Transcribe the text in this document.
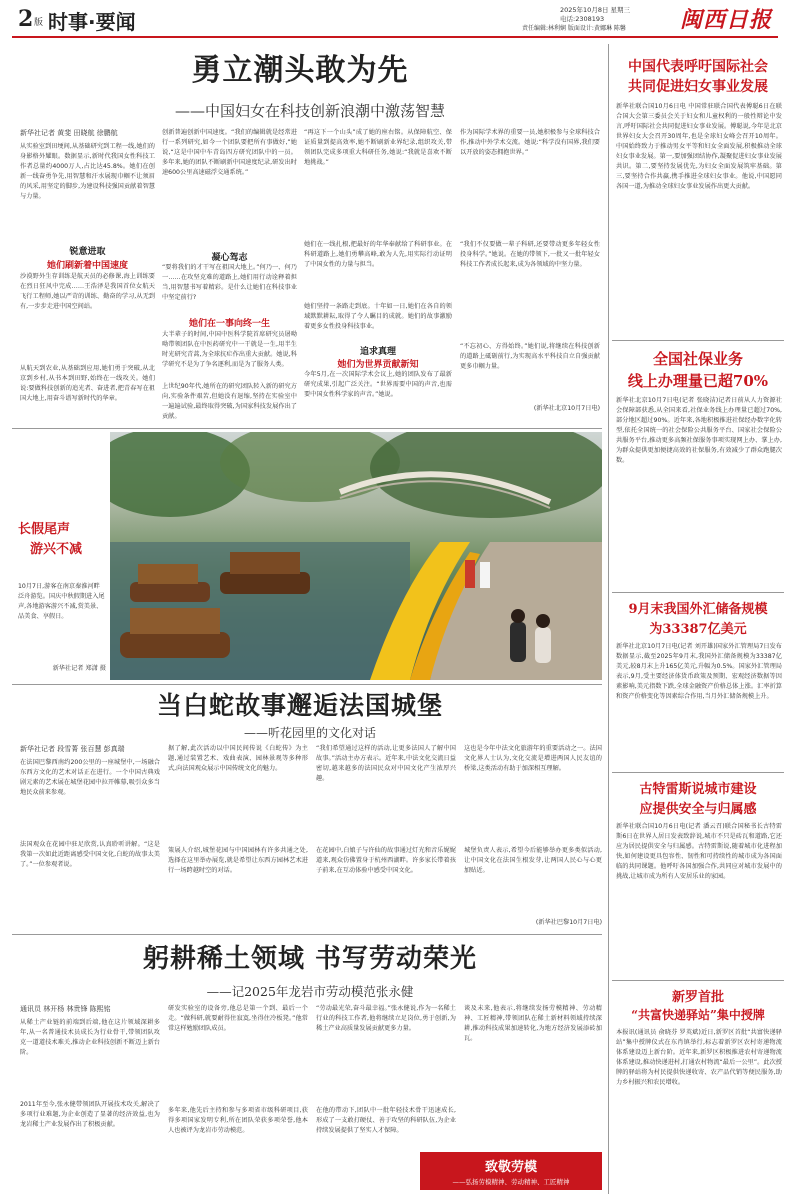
2 版 时事·要闻	2025年10月8日 星期三
电话:2308193
责任编辑:林利娴 版面设计:黄娜琳 陈馨 闽西日报
勇立潮头敢为先
——中国妇女在科技创新浪潮中激荡智慧
新华社记者 黄斐 田晓航 徐鹏航
从实验室到田埂间,从基础研究到工程一线,她们的身影格外耀眼。数据显示,新时代我国女性科技工作者总量约4000万人,占比达45.8%。她们在创新一线奋勇争先,用智慧和汗水展现巾帼不让须眉的风采,用坚定的脚步,为建设科技强国贡献着智慧与力量。
锐意进取
她们刷新着中国速度
沙漠野外生存训练是航天员的必修课,海上训练要在烈日狂风中完成……王浩泽是我国首位女航天飞行工程师,她以严苛的训练、勤奋的学习,从无到有,一步步走进中国空间站。
从航天到农业,从基础到应用,她们勇于突破,从北京到乡村,从书本到田野,始终在一线攻关。她们说:要做科技创新的追光者、奋进者,把青春写在祖国大地上,用奋斗谱写新时代的华章。
创新普遍创新中国速度。“我们的编辑就是经常进行一系列研究,如今一个团队要把所有事做好,”她说,“这是中国中车青岛四方研究团队中的一员。多年来,她的团队不断刷新中国速度纪录,研发出时速600公里高速磁浮交通系统。”
凝心驾志
“要将我们的才干写在祖国大地上。”何乃一、何乃一……在攻坚克难的道路上,她们用行动诠释着担当,用智慧书写着精彩。是什么让她们在科技事业中坚定前行?
她们在一事向终一生
大半辈子的时间,中国中医科学院首席研究员屠呦呦带领团队在中医药研究中一干就是一生,用半生时光研究青蒿,为全球抗疟作出重大贡献。她说,科学研究不是为了争名逐利,而是为了服务人类。
上世纪90年代,她所在的研究团队转入新的研究方向,实验条件艰苦,但她没有退缩,坚持在实验室中一遍遍试验,最终取得突破,为国家科技发展作出了贡献。
“再这下一个山头”成了她的座右铭。从保障航空、保证质量到提高效率,她不断刷新业界纪录,组织攻关,带领团队完成多项重大科研任务,她说:“我就是喜欢不断地挑战。”
她们在一线扎根,把最好的年华奉献给了科研事业。在科研道路上,她们勇攀高峰,敢为人先,用实际行动证明了中国女性的力量与担当。
她们坚持一条路走到底。十年如一日,她们在各自的领域默默耕耘,取得了令人瞩目的成就。她们的故事激励着更多女性投身科技事业。
追求真理
她们为世界贡献新知
今年5月,在一次国际学术会议上,她的团队发布了最新研究成果,引起广泛关注。“世界需要中国的声音,也需要中国女性科学家的声音。”她说。
作为国际学术界的重要一员,她积极参与全球科技合作,推动中外学术交流。她说:“科学没有国界,我们要以开放的姿态拥抱世界。”
“我们不仅要做一辈子科研,还要带动更多年轻女性投身科学。”她说。在她的带领下,一批又一批年轻女科技工作者成长起来,成为各领域的中坚力量。
“不忘初心、方得始终。”她们说,将继续在科技创新的道路上砥砺前行,为实现高水平科技自立自强贡献更多巾帼力量。
(新华社北京10月7日电)
长假尾声
游兴不减
10月7日,游客在南京秦淮河畔泛舟游览。国庆中秋假期进入尾声,各地游客游兴不减,赏美景、品美食、享假日。
新华社记者 郑潇 摄
当白蛇故事邂逅法国城堡
——听花园里的文化对话
新华社记者 段雪菁 张百慧 彭真瑞
在法国巴黎西南约200公里的一座城堡中,一场融合东西方文化的艺术对话正在进行。一个中国古典戏剧元素的艺术展在城堡花园中拉开帷幕,吸引众多当地民众前来参观。
法国观众在花园中驻足欣赏,认真聆听讲解。“这是我第一次如此近距离感受中国文化,白蛇的故事太美了。”一位参观者说。
据了解,此次活动以中国民间传说《白蛇传》为主题,通过装置艺术、戏曲表演、园林景观等多种形式,向法国观众展示中国传统文化的魅力。
策展人介绍,城堡花园与中国园林有许多共通之处,选择在这里举办展览,就是希望让东西方园林艺术进行一场跨越时空的对话。
“我们希望通过这样的活动,让更多法国人了解中国故事。”活动主办方表示。近年来,中法文化交流日益密切,越来越多的法国民众对中国文化产生浓厚兴趣。
在花园中,白娘子与许仙的故事通过灯光和音乐娓娓道来,观众仿佛置身于杭州西湖畔。许多家长带着孩子前来,在互动体验中感受中国文化。
这也是今年中法文化旅游年的重要活动之一。法国文化界人士认为,文化交流是增进两国人民友谊的桥梁,这类活动有助于加深相互理解。
城堡负责人表示,希望今后能够举办更多类似活动,让中国文化在法国生根发芽,让两国人民心与心更加贴近。
(新华社巴黎10月7日电)
躬耕稀土领域 书写劳动荣光
——记2025年龙岩市劳动模范张永健
通讯员 林开杨 林贵锋 陈熙铭
从稀土产业链的前端到后端,他在这片领域深耕多年,从一名普通技术员成长为行业骨干,带领团队攻克一道道技术难关,推动企业科技创新不断迈上新台阶。
2011年至今,张永健带领团队开展技术攻关,解决了多项行业难题,为企业创造了显著的经济效益,也为龙岩稀土产业发展作出了积极贡献。
研发实验室的设备旁,他总是第一个到、最后一个走。“做科研,就要耐得住寂寞,坐得住冷板凳。”他常常这样勉励团队成员。
多年来,他先后主持和参与多项省市级科研项目,获得多项国家发明专利,所在团队荣获多项荣誉,他本人也被评为龙岩市劳动模范。
“劳动最光荣,奋斗最幸福。”张永健说,作为一名稀土行业的科技工作者,他将继续立足岗位,勇于创新,为稀土产业高质量发展贡献更多力量。
在他的带动下,团队中一批年轻技术骨干迅速成长,形成了一支敢打硬仗、善于攻坚的科研队伍,为企业持续发展提供了坚实人才保障。
谈及未来,他表示,将继续发扬劳模精神、劳动精神、工匠精神,带领团队在稀土新材料领域持续深耕,推动科技成果加速转化,为地方经济发展添砖加瓦。
致敬劳模
——弘扬劳模精神、劳动精神、工匠精神
中国代表呼吁国际社会
共同促进妇女事业发展
新华社联合国10月6日电 中国常驻联合国代表傅聪6日在联合国大会第三委员会关于妇女和儿童权利的一般性辩论中发言,呼吁国际社会共同促进妇女事业发展。傅聪说,今年是北京世界妇女大会召开30周年,也是全球妇女峰会召开10周年。中国始终致力于推动男女平等和妇女全面发展,积极推动全球妇女事业发展。第一,要加强团结协作,凝聚促进妇女事业发展共识。第二,要坚持发展优先,为妇女全面发展筑牢基础。第三,要坚持合作共赢,携手推进全球妇女事业。他说,中国愿同各国一道,为推动全球妇女事业发展作出更大贡献。
全国社保业务
线上办理量已超70%
新华社北京10月7日电(记者 张晓洁)记者日前从人力资源社会保障部获悉,从全国来看,社保业务线上办理量已超过70%,部分地区超过90%。近年来,各地积极推进社保经办数字化转型,依托全国统一的社会保险公共服务平台、国家社会保险公共服务平台,推动更多高频社保服务事项实现网上办、掌上办,为群众提供更加便捷高效的社保服务,有效减少了群众跑腿次数。
9月末我国外汇储备规模
为33387亿美元
新华社北京10月7日电(记者 刘开雄)国家外汇管理局7日发布数据显示,截至2025年9月末,我国外汇储备规模为33387亿美元,较8月末上升165亿美元,升幅为0.5%。国家外汇管理局表示,9月,受主要经济体货币政策及预期、宏观经济数据等因素影响,美元指数下跌,全球金融资产价格总体上涨。汇率折算和资产价格变化等因素综合作用,当月外汇储备规模上升。
古特雷斯说城市建设
应提供安全与归属感
新华社联合国10月6日电(记者 潘云召)联合国秘书长古特雷斯6日在世界人居日发表致辞说,城市不只是砖瓦和道路,它还应为居民提供安全与归属感。古特雷斯说,随着城市化进程加快,如何建设更具包容性、韧性和可持续性的城市成为各国面临的共同课题。他呼吁各国加强合作,共同应对城市发展中的挑战,让城市成为所有人安居乐业的家园。
新罗首批
“共富快递驿站”集中授牌
本报讯(通讯员 俞晓芬 罗英斌)近日,新罗区首批“共富快递驿站”集中授牌仪式在东肖镇举行,标志着新罗区农村寄递物流体系建设迈上新台阶。近年来,新罗区积极推进农村寄递物流体系建设,推动快递进村,打通农村物流“最后一公里”。此次授牌的驿站将为村民提供快递收寄、农产品代销等便民服务,助力乡村振兴和农民增收。
